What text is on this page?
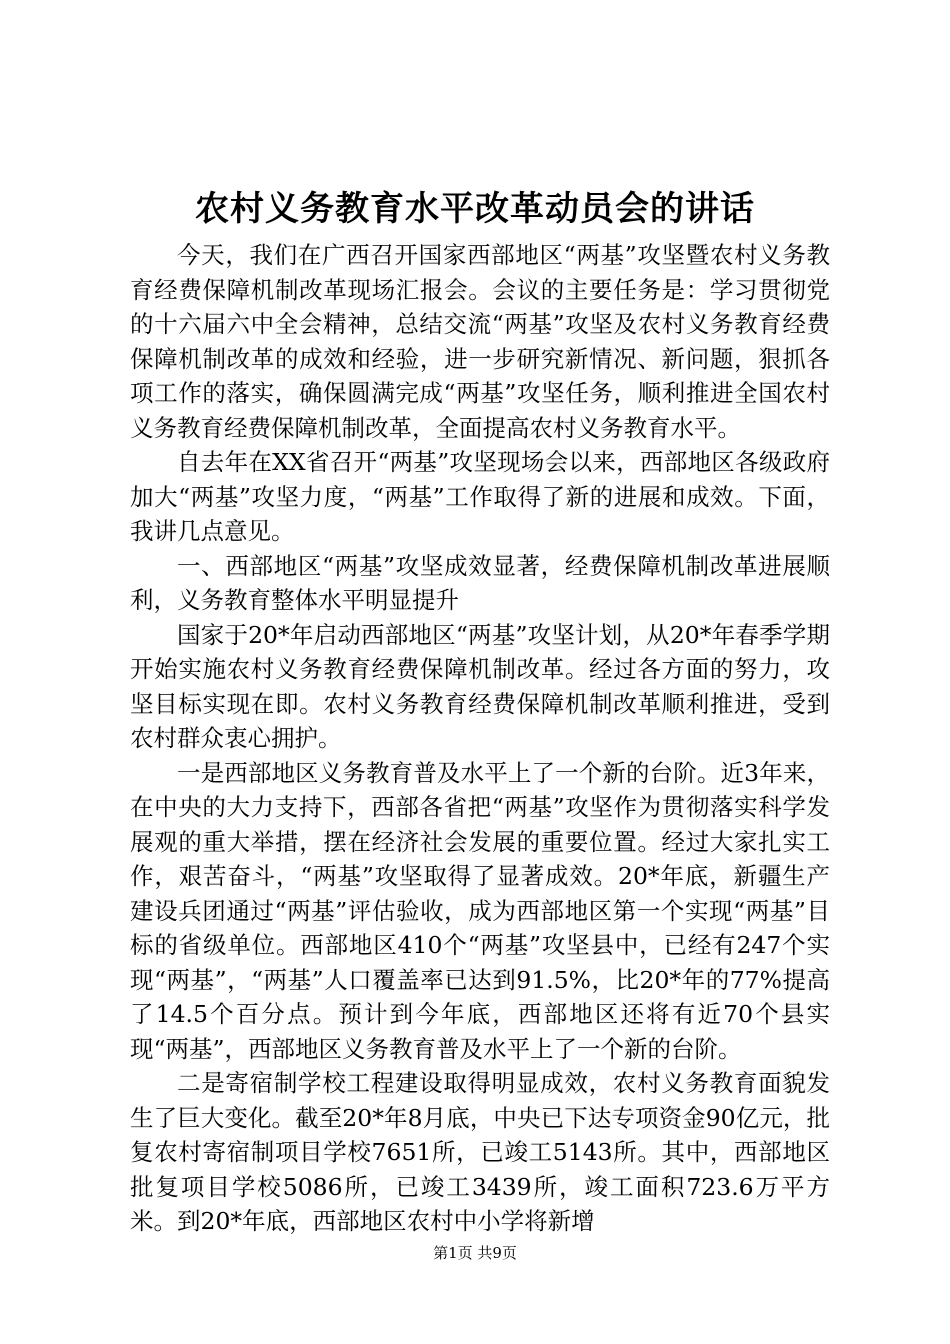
农村义务教育水平改革动员会的讲话

今天，我们在广西召开国家西部地区“两基”攻坚暨农村义务教育经费保障机制改革现场汇报会。会议的主要任务是：学习贯彻党的十六届六中全会精神，总结交流“两基”攻坚及农村义务教育经费保障机制改革的成效和经验，进一步研究新情况、新问题，狠抓各项工作的落实，确保圆满完成“两基”攻坚任务，顺利推进全国农村义务教育经费保障机制改革，全面提高农村义务教育水平。

自去年在XX省召开“两基”攻坚现场会以来，西部地区各级政府加大“两基”攻坚力度，“两基”工作取得了新的进展和成效。下面，我讲几点意见。

一、西部地区“两基”攻坚成效显著，经费保障机制改革进展顺利，义务教育整体水平明显提升

国家于20*年启动西部地区“两基”攻坚计划，从20*年春季学期开始实施农村义务教育经费保障机制改革。经过各方面的努力，攻坚目标实现在即。农村义务教育经费保障机制改革顺利推进，受到农村群众衷心拥护。

一是西部地区义务教育普及水平上了一个新的台阶。近3年来，在中央的大力支持下，西部各省把“两基”攻坚作为贯彻落实科学发展观的重大举措，摆在经济社会发展的重要位置。经过大家扎实工作，艰苦奋斗，“两基”攻坚取得了显著成效。20*年底，新疆生产建设兵团通过“两基”评估验收，成为西部地区第一个实现“两基”目标的省级单位。西部地区410个“两基”攻坚县中，已经有247个实现“两基”，“两基”人口覆盖率已达到91.5%，比20*年的77%提高了14.5个百分点。预计到今年底，西部地区还将有近70个县实现“两基”，西部地区义务教育普及水平上了一个新的台阶。

二是寄宿制学校工程建设取得明显成效，农村义务教育面貌发生了巨大变化。截至20*年8月底，中央已下达专项资金90亿元，批复农村寄宿制项目学校7651所，已竣工5143所。其中，西部地区批复项目学校5086所，已竣工3439所，竣工面积723.6万平方米。到20*年底，西部地区农村中小学将新增

第1页 共9页
